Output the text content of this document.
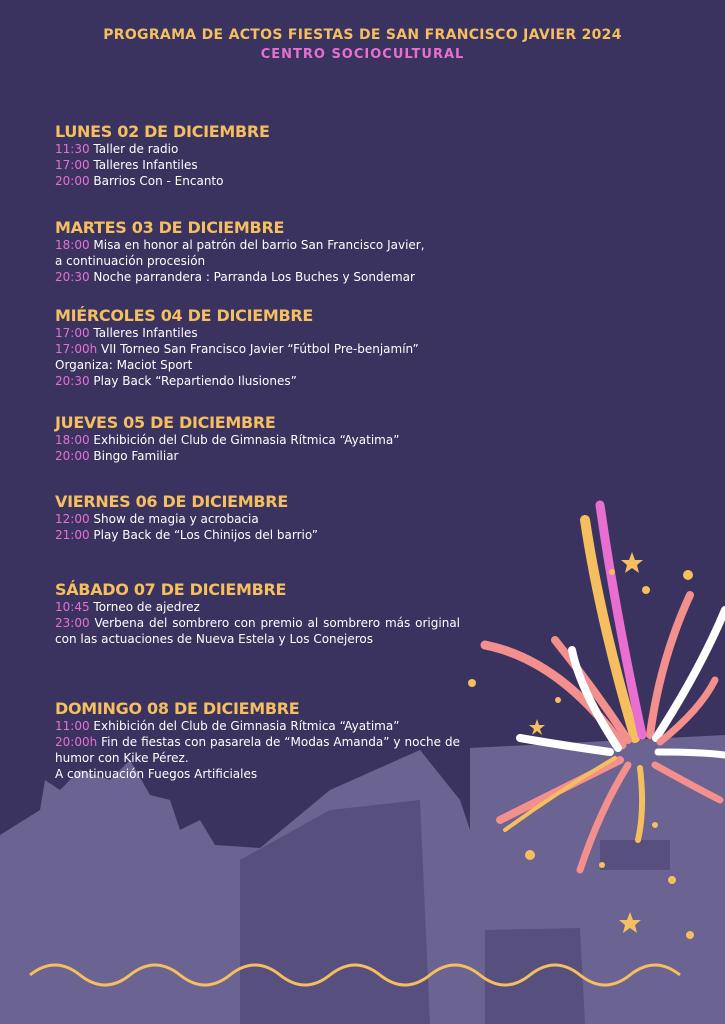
PROGRAMA DE ACTOS FIESTAS DE SAN FRANCISCO JAVIER 2024
CENTRO SOCIOCULTURAL
LUNES 02 DE DICIEMBRE
11:30 Taller de radio
17:00 Talleres Infantiles
20:00 Barrios Con - Encanto
MARTES 03 DE DICIEMBRE
18:00 Misa en honor al patrón del barrio San Francisco Javier,
a continuación procesión
20:30 Noche parrandera : Parranda Los Buches y Sondemar
MIÉRCOLES 04 DE DICIEMBRE
17:00 Talleres Infantiles
17:00h VII Torneo San Francisco Javier “Fútbol Pre-benjamín”
Organiza: Maciot Sport
20:30 Play Back “Repartiendo Ilusiones”
JUEVES 05 DE DICIEMBRE
18:00 Exhibición del Club de Gimnasia Rítmica “Ayatima”
20:00 Bingo Familiar
VIERNES 06 DE DICIEMBRE
12:00 Show de magia y acrobacia
21:00 Play Back de “Los Chinijos del barrio”
SÁBADO 07 DE DICIEMBRE
10:45 Torneo de ajedrez
23:00 Verbena del sombrero con premio al sombrero más original con las actuaciones de Nueva Estela y Los Conejeros
DOMINGO 08 DE DICIEMBRE
11:00 Exhibición del Club de Gimnasia Rítmica “Ayatima”
20:00h Fin de fiestas con pasarela de “Modas Amanda” y noche de humor con Kike Pérez.
A continuación Fuegos Artificiales
